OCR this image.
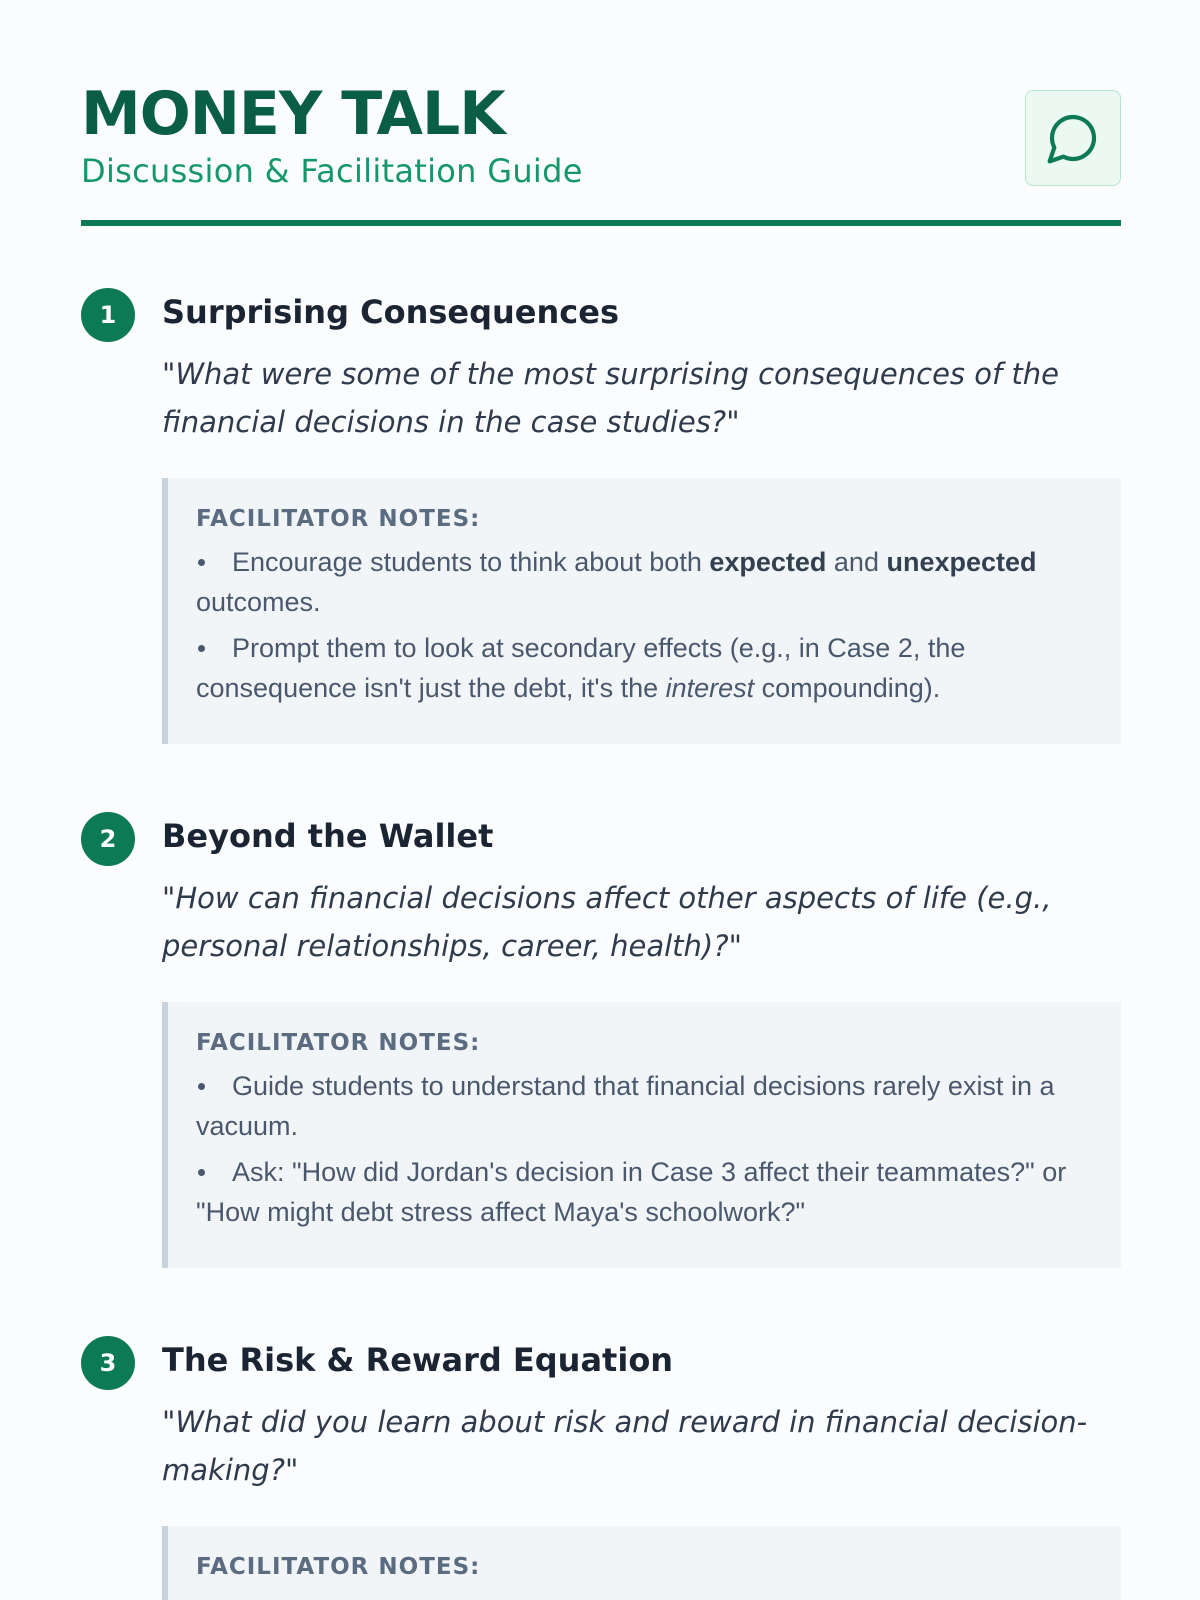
MONEY TALK

Discussion & Facilitation Guide

1	Surprising Consequences

"What were some of the most surprising consequences of the financial decisions in the case studies?"

FACILITATOR NOTES:
Encourage students to think about both expected and unexpected outcomes.
Prompt them to look at secondary effects (e.g., in Case 2, the consequence isn't just the debt, it's the interest compounding).
2	Beyond the Wallet

"How can financial decisions affect other aspects of life (e.g., personal relationships, career, health)?"

FACILITATOR NOTES:
Guide students to understand that financial decisions rarely exist in a vacuum.
Ask: "How did Jordan's decision in Case 3 affect their teammates?" or "How might debt stress affect Maya's schoolwork?"
3	The Risk & Reward Equation

"What did you learn about risk and reward in financial decision-making?"

FACILITATOR NOTES:
